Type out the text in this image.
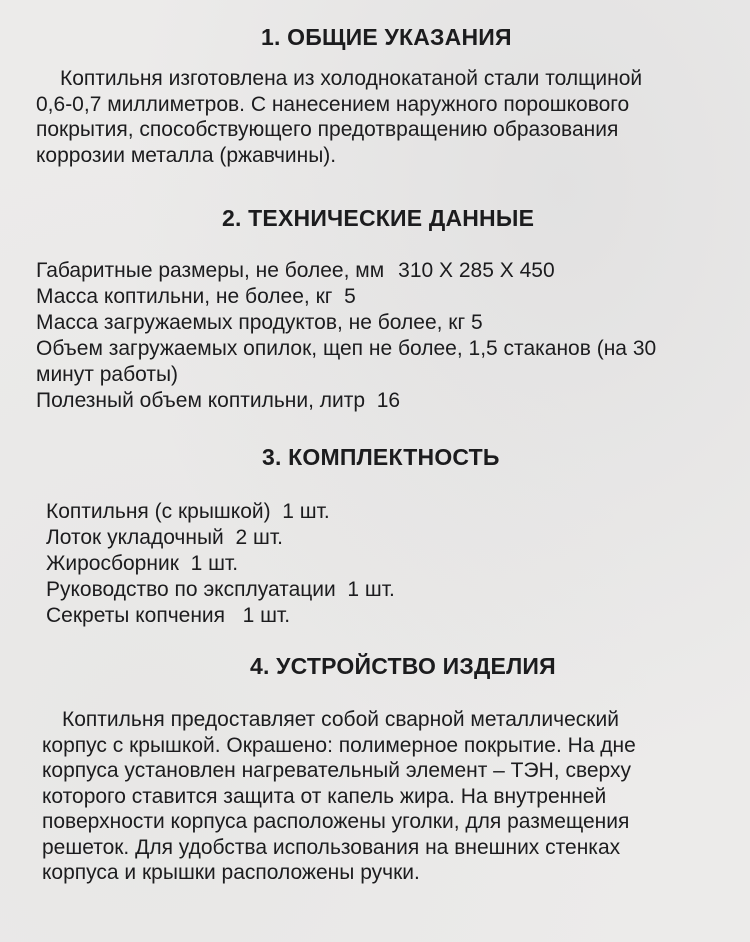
1. ОБЩИЕ УКАЗАНИЯ
Коптильня изготовлена из холоднокатаной стали толщиной
0,6-0,7 миллиметров. С нанесением наружного порошкового
покрытия, способствующего предотвращению образования
коррозии металла (ржавчины).
2. ТЕХНИЧЕСКИЕ ДАННЫЕ
Габаритные размеры, не более, мм 310 X 285 X 450
Масса коптильни, не более, кг 5
Масса загружаемых продуктов, не более, кг 5
Объем загружаемых опилок, щеп не более, 1,5 стаканов (на 30
минут работы)
Полезный объем коптильни, литр 16
3. КОМПЛЕКТНОСТЬ
Коптильня (с крышкой) 1 шт.
Лоток укладочный 2 шт.
Жиросборник 1 шт.
Руководство по эксплуатации 1 шт.
Секреты копчения 1 шт.
4. УСТРОЙСТВО ИЗДЕЛИЯ
Коптильня предоставляет собой сварной металлический
корпус с крышкой. Окрашено: полимерное покрытие. На дне
корпуса установлен нагревательный элемент – ТЭН, сверху
которого ставится защита от капель жира. На внутренней
поверхности корпуса расположены уголки, для размещения
решеток. Для удобства использования на внешних стенках
корпуса и крышки расположены ручки.
